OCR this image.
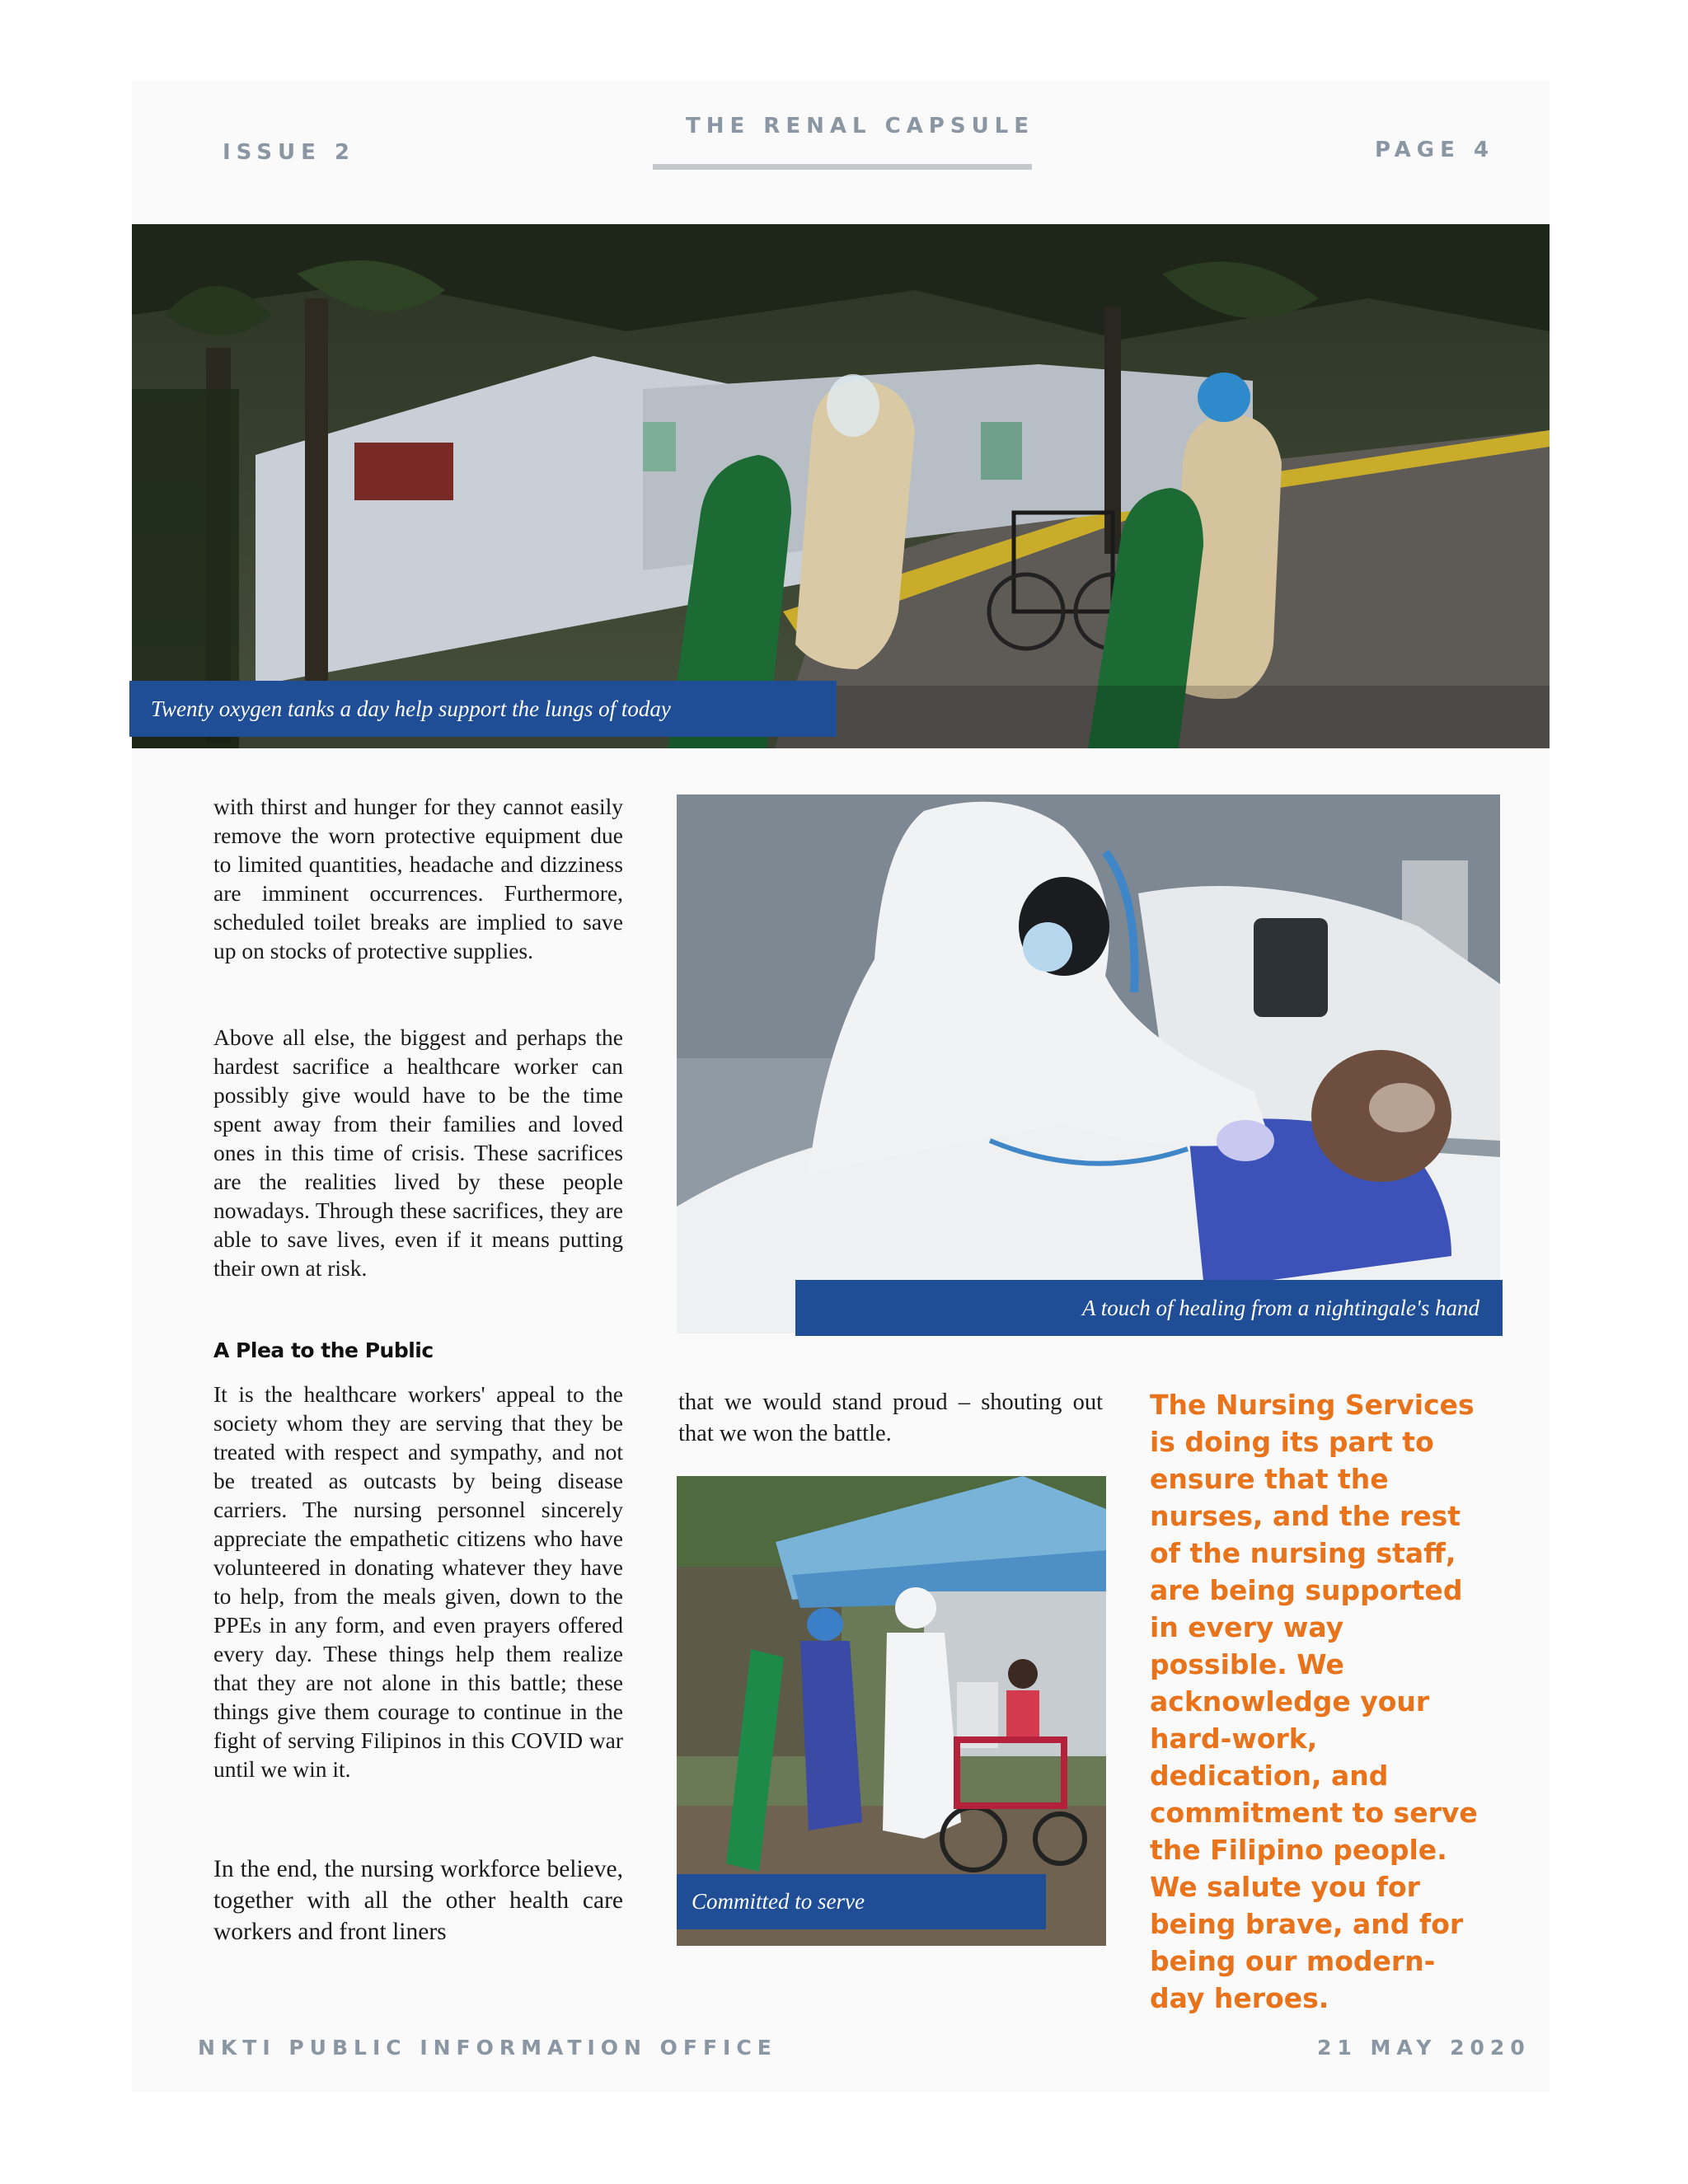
ISSUE 2
THE RENAL CAPSULE
PAGE 4
Twenty oxygen tanks a day help support the lungs of today

with thirst and hunger for they cannot easily remove the worn protective equipment due to limited quantities, headache and dizziness are imminent occurrences. Furthermore, scheduled toilet breaks are implied to save up on stocks of protective supplies.

Above all else, the biggest and perhaps the hardest sacrifice a healthcare worker can possibly give would have to be the time spent away from their families and loved ones in this time of crisis. These sacrifices are the realities lived by these people nowadays. Through these sacrifices, they are able to save lives, even if it means putting their own at risk.

A Plea to the Public

It is the healthcare workers' appeal to the society whom they are serving that they be treated with respect and sympathy, and not be treated as outcasts by being disease carriers. The nursing personnel sincerely appreciate the empathetic citizens who have volunteered in donating whatever they have to help, from the meals given, down to the PPEs in any form, and even prayers offered every day. These things help them realize that they are not alone in this battle; these things give them courage to continue in the fight of serving Filipinos in this COVID war until we win it.

In the end, the nursing workforce believe, together with all the other health care workers and front liners

A touch of healing from a nightingale's hand

that we would stand proud – shouting out that we won the battle.

Committed to serve

The Nursing Services is doing its part to ensure that the nurses, and the rest of the nursing staff, are being supported in every way possible. We acknowledge your hard-work, dedication, and commitment to serve the Filipino people. We salute you for being brave, and for being our modern-day heroes.

NKTI PUBLIC INFORMATION OFFICE	21 MAY 2020
